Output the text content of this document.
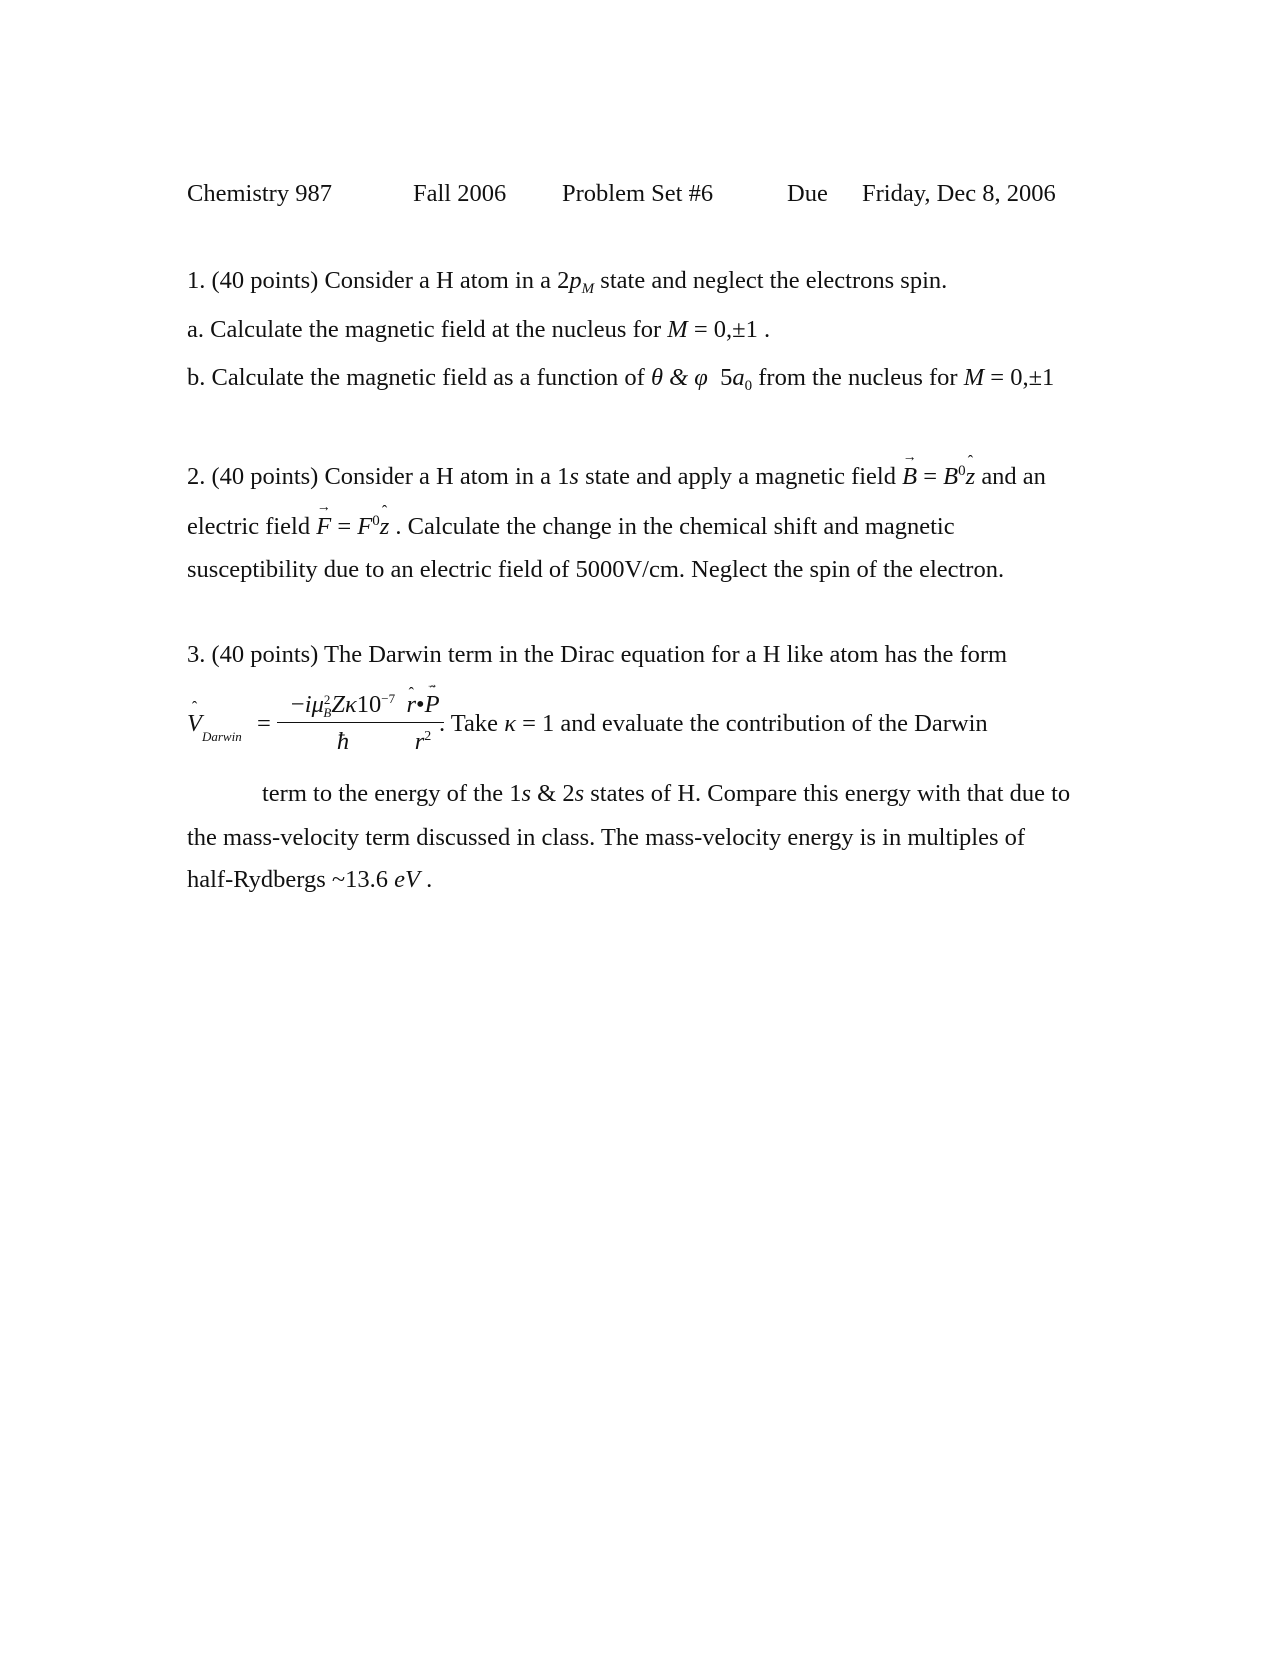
Chemistry 987	Fall 2006 Problem Set #6	Due Friday, Dec 8, 2006
1. (40 points) Consider a H atom in a $2p_M$ state and neglect the electrons spin.
a. Calculate the magnetic field at the nucleus for M = 0,±1 .
b. Calculate the magnetic field as a function of θ & φ $5a_0$ from the nucleus for M = 0,±1
2. (40 points) Consider a H atom in a 1s state and apply a magnetic field → $B = B^0ˆ$ z and an
electric field → $F = F^0ˆ$ z . Calculate the change in the chemical shift and magnetic
susceptibility due to an electric field of 5000V/cm. Neglect the spin of the electron.
3. (40 points) The Darwin term in the Dirac equation for a H like atom has the form
ˆ $V_{Darwin}$ =
$-i\mu^2_BZ\kappa 10^{-7}$
ħ
ˆ r•ˆ P →
$r^2$ . Take κ = 1 and evaluate the contribution of the Darwin
term to the energy of the 1s & 2s states of H. Compare this energy with that due to
the mass-velocity term discussed in class. The mass-velocity energy is in multiples of
half-Rydbergs ~13.6 eV .
